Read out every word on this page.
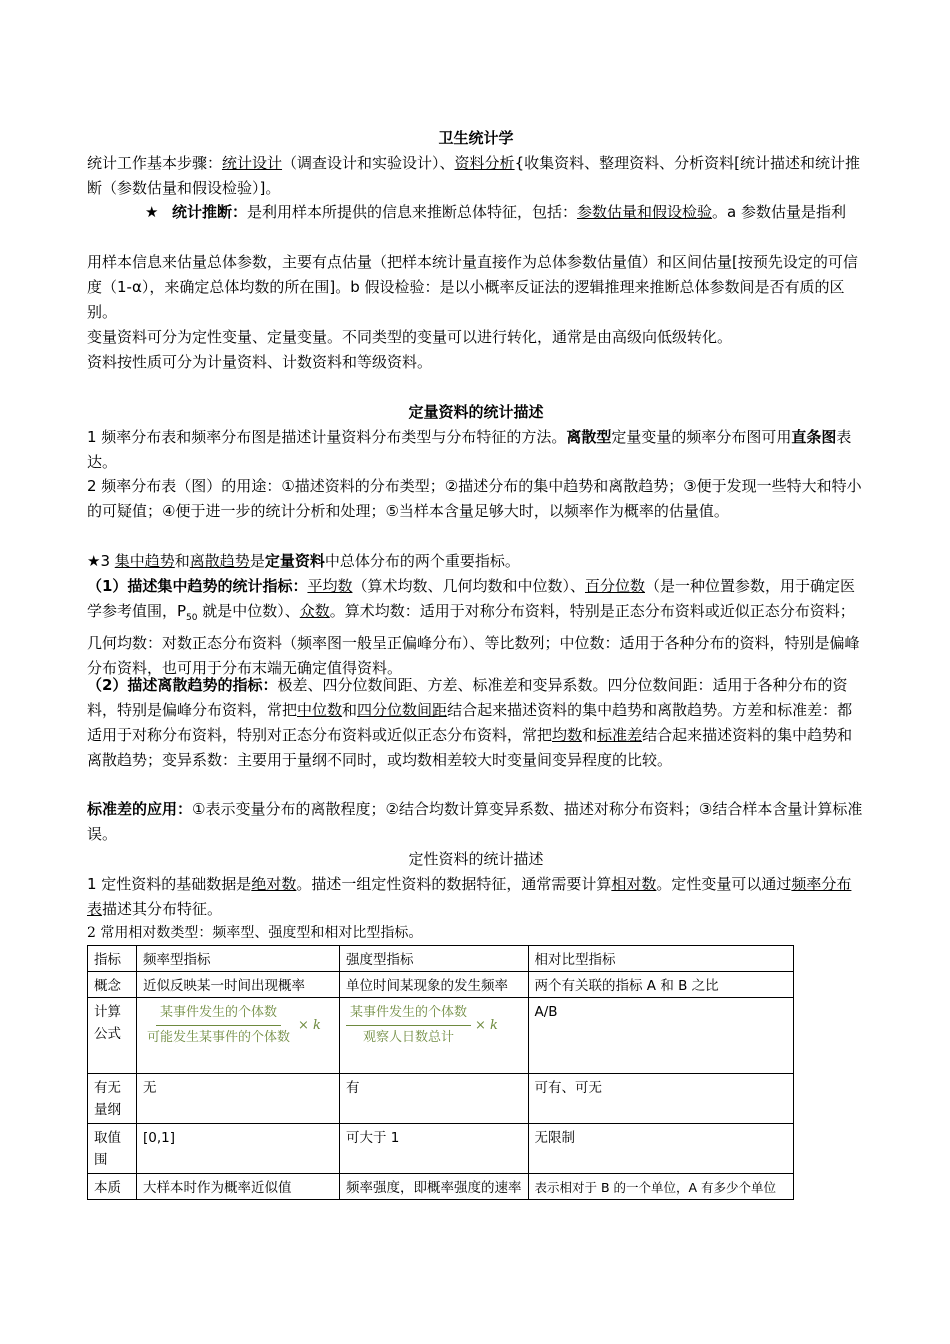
卫生统计学

统计工作基本步骤：统计设计（调查设计和实验设计）、资料分析{收集资料、整理资料、分析资料[统计描述和统计推断（参数估量和假设检验）]。

★ 统计推断：是利用样本所提供的信息来推断总体特征，包括：参数估量和假设检验。a 参数估量是指利

用样本信息来估量总体参数，主要有点估量（把样本统计量直接作为总体参数估量值）和区间估量[按预先设定的可信度（1-α），来确定总体均数的所在围]。b 假设检验：是以小概率反证法的逻辑推理来推断总体参数间是否有质的区别。

变量资料可分为定性变量、定量变量。不同类型的变量可以进行转化，通常是由高级向低级转化。

资料按性质可分为计量资料、计数资料和等级资料。

定量资料的统计描述

1 频率分布表和频率分布图是描述计量资料分布类型与分布特征的方法。离散型定量变量的频率分布图可用直条图表达。

2 频率分布表（图）的用途：①描述资料的分布类型；②描述分布的集中趋势和离散趋势；③便于发现一些特大和特小的可疑值；④便于进一步的统计分析和处理；⑤当样本含量足够大时，以频率作为概率的估量值。

★3 集中趋势和离散趋势是定量资料中总体分布的两个重要指标。

（1）描述集中趋势的统计指标：平均数（算术均数、几何均数和中位数）、百分位数（是一种位置参数，用于确定医学参考值围，$P_{50}$ 就是中位数）、众数。算术均数：适用于对称分布资料，特别是正态分布资料或近似正态分布资料；几何均数：对数正态分布资料（频率图一般呈正偏峰分布）、等比数列；中位数：适用于各种分布的资料，特别是偏峰分布资料，也可用于分布末端无确定值得资料。

（2）描述离散趋势的指标：极差、四分位数间距、方差、标准差和变异系数。四分位数间距：适用于各种分布的资料，特别是偏峰分布资料，常把中位数和四分位数间距结合起来描述资料的集中趋势和离散趋势。方差和标准差：都适用于对称分布资料，特别对正态分布资料或近似正态分布资料，常把均数和标准差结合起来描述资料的集中趋势和离散趋势；变异系数：主要用于量纲不同时，或均数相差较大时变量间变异程度的比较。

标准差的应用：①表示变量分布的离散程度；②结合均数计算变异系数、描述对称分布资料；③结合样本含量计算标准误。

定性资料的统计描述

1 定性资料的基础数据是绝对数。描述一组定性资料的数据特征，通常需要计算相对数。定性变量可以通过频率分布表描述其分布特征。

2 常用相对数类型：频率型、强度型和相对比型指标。

指标	频率型指标	强度型指标	相对比型指标
概念	近似反映某一时间出现概率	单位时间某现象的发生频率	两个有关联的指标 A 和 B 之比
计算公式	$\frac{\text{某事件发生的个体数}}{\text{可能发生某事件的个体数}} \times k$	$\frac{\text{某事件发生的个体数}}{\text{观察人日数总计}} \times k$	A/B
有无量纲	无	有	可有、可无
取值围	[0,1]	可大于 1	无限制
本质	大样本时作为概率近似值	频率强度，即概率强度的速率	表示相对于 B 的一个单位，A 有多少个单位
